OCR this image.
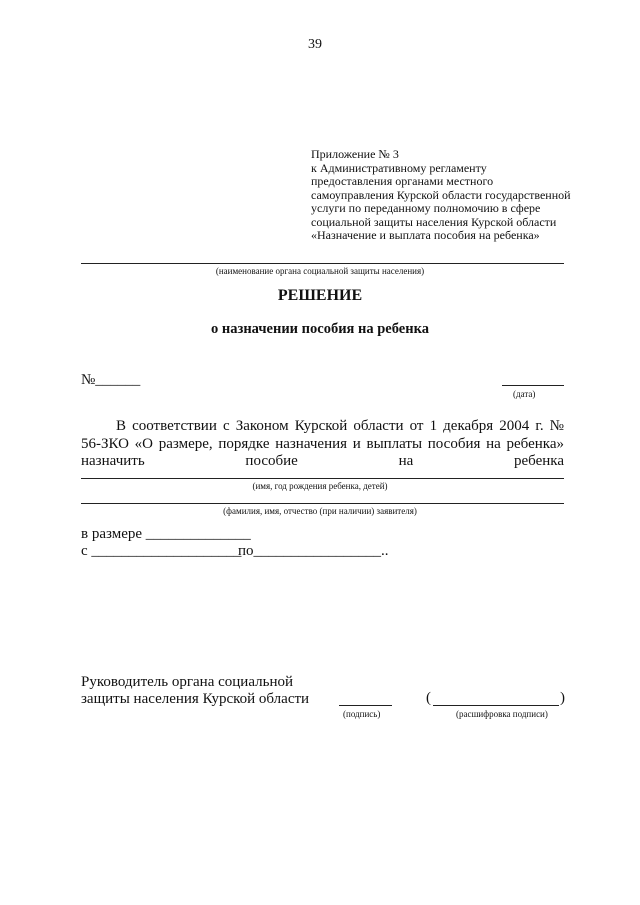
39
Приложение № 3
к Административному регламенту
предоставления органами местного
самоуправления Курской области государственной
услуги по переданному полномочию в сфере
социальной защиты населения Курской области
«Назначение и выплата пособия на ребенка»
(наименование органа социальной защиты населения)
РЕШЕНИЕ
о назначении пособия на ребенка
№______
(дата)
В соответствии с Законом Курской области от 1 декабря 2004 г. №
56-ЗКО «О размере, порядке назначения и выплаты пособия на ребенка»
назначить	пособие	на	ребенка
(имя, год рождения ребенка, детей)
(фамилия, имя, отчество (при наличии) заявителя)
в размере ______________
с ____________________
по_________________..
Руководитель органа социальной
защиты населения Курской области
(подпись)
(	)
(расшифровка подписи)
